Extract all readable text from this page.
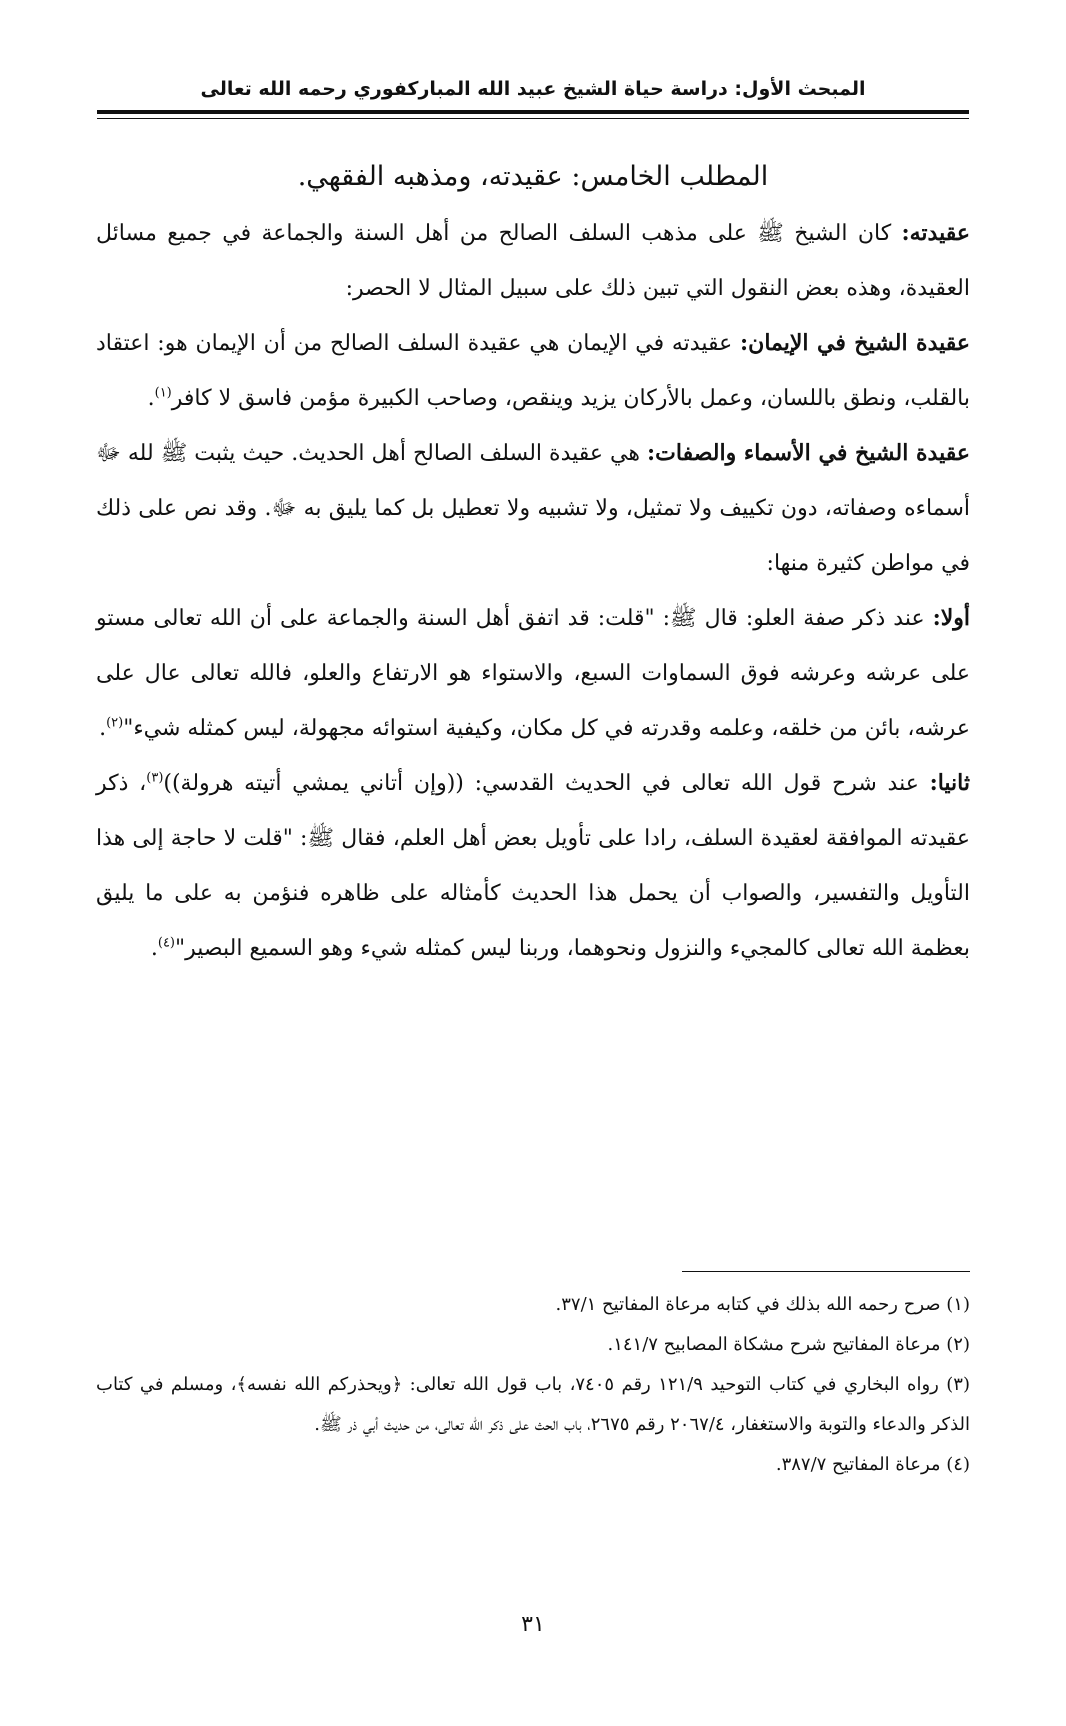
المبحث الأول: دراسة حياة الشيخ عبيد الله المباركفوري رحمه الله تعالى

المطلب الخامس: عقيدته، ومذهبه الفقهي.

عقيدته: كان الشيخ ﷺ على مذهب السلف الصالح من أهل السنة والجماعة في جميع مسائل العقيدة، وهذه بعض النقول التي تبين ذلك على سبيل المثال لا الحصر:

عقيدة الشيخ في الإيمان: عقيدته في الإيمان هي عقيدة السلف الصالح من أن الإيمان هو: اعتقاد بالقلب، ونطق باللسان، وعمل بالأركان يزيد وينقص، وصاحب الكبيرة مؤمن فاسق لا كافر$^{(١)}$.

عقيدة الشيخ في الأسماء والصفات: هي عقيدة السلف الصالح أهل الحديث. حيث يثبت ﷺ لله ﷻ أسماءه وصفاته، دون تكييف ولا تمثيل، ولا تشبيه ولا تعطيل بل كما يليق به ﷻ. وقد نص على ذلك في مواطن كثيرة منها:

أولا: عند ذكر صفة العلو: قال ﷺ: "قلت: قد اتفق أهل السنة والجماعة على أن الله تعالى مستو على عرشه وعرشه فوق السماوات السبع، والاستواء هو الارتفاع والعلو، فالله تعالى عال على عرشه، بائن من خلقه، وعلمه وقدرته في كل مكان، وكيفية استوائه مجهولة، ليس كمثله شيء"$^{(٢)}$.

ثانيا: عند شرح قول الله تعالى في الحديث القدسي: ((وإن أتاني يمشي أتيته هرولة))$^{(٣)}$، ذكر عقيدته الموافقة لعقيدة السلف، رادا على تأويل بعض أهل العلم، فقال ﷺ: "قلت لا حاجة إلى هذا التأويل والتفسير، والصواب أن يحمل هذا الحديث كأمثاله على ظاهره فنؤمن به على ما يليق بعظمة الله تعالى كالمجيء والنزول ونحوهما، وربنا ليس كمثله شيء وهو السميع البصير"$^{(٤)}$.

(١) صرح رحمه الله بذلك في كتابه مرعاة المفاتيح ٣٧/١.

(٢) مرعاة المفاتيح شرح مشكاة المصابيح ١٤١/٧.

(٣) رواه البخاري في كتاب التوحيد ١٢١/٩ رقم ٧٤٠٥، باب قول الله تعالى: ﴿ويحذركم الله نفسه﴾، ومسلم في كتاب الذكر والدعاء والتوبة والاستغفار، ٢٠٦٧/٤ رقم ٢٦٧٥، باب الحث على ذكر الله تعالى، من حديث أبي ذر ﷺ.

(٤) مرعاة المفاتيح ٣٨٧/٧.

٣١
